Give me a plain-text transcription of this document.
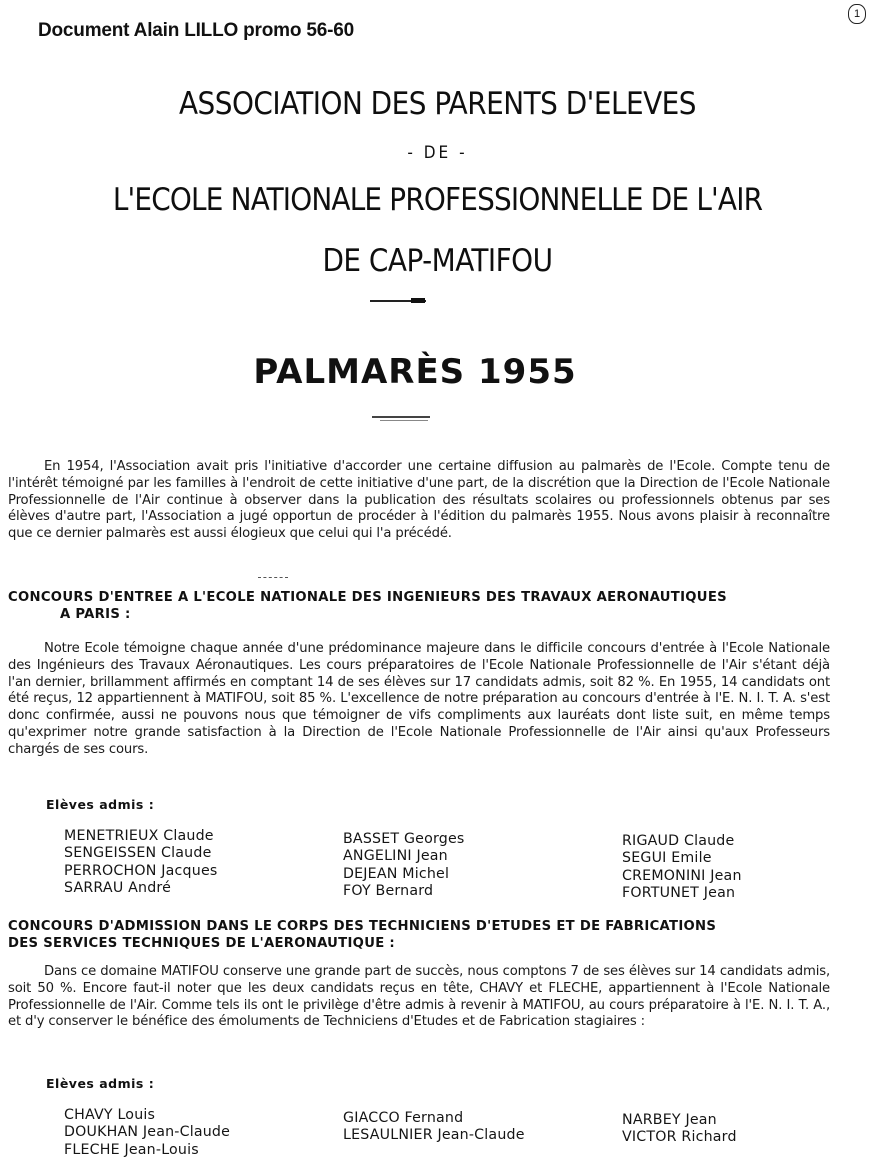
Document Alain LILLO promo 56-60
1
ASSOCIATION DES PARENTS D'ELEVES
- DE -
L'ECOLE NATIONALE PROFESSIONNELLE DE L'AIR
DE CAP-MATIFOU
PALMARÈS 1955
En 1954, l'Association avait pris l'initiative d'accorder une certaine diffusion au palmarès de l'Ecole. Compte tenu de l'intérêt témoigné par les familles à l'endroit de cette initiative d'une part, de la discrétion que la Direction de l'Ecole Nationale Professionnelle de l'Air continue à observer dans la publication des résultats scolaires ou professionnels obtenus par ses élèves d'autre part, l'Association a jugé opportun de procéder à l'édition du palmarès 1955. Nous avons plaisir à reconnaître que ce dernier palmarès est aussi élogieux que celui qui l'a précédé.
CONCOURS D'ENTREE A L'ECOLE NATIONALE DES INGENIEURS DES TRAVAUX AERONAUTIQUES
A PARIS :
Notre Ecole témoigne chaque année d'une prédominance majeure dans le difficile concours d'entrée à l'Ecole Nationale des Ingénieurs des Travaux Aéronautiques. Les cours préparatoires de l'Ecole Nationale Professionnelle de l'Air s'étant déjà l'an dernier, brillamment affirmés en comptant 14 de ses élèves sur 17 candidats admis, soit 82 %. En 1955, 14 candidats ont été reçus, 12 appartiennent à MATIFOU, soit 85 %. L'excellence de notre préparation au concours d'entrée à l'E. N. I. T. A. s'est donc confirmée, aussi ne pouvons nous que témoigner de vifs compliments aux lauréats dont liste suit, en même temps qu'exprimer notre grande satisfaction à la Direction de l'Ecole Nationale Professionnelle de l'Air ainsi qu'aux Professeurs chargés de ses cours.
Elèves admis :
MENETRIEUX Claude
SENGEISSEN Claude
PERROCHON Jacques
SARRAU André
BASSET Georges
ANGELINI Jean
DEJEAN Michel
FOY Bernard
RIGAUD Claude
SEGUI Emile
CREMONINI Jean
FORTUNET Jean
CONCOURS D'ADMISSION DANS LE CORPS DES TECHNICIENS D'ETUDES ET DE FABRICATIONS
DES SERVICES TECHNIQUES DE L'AERONAUTIQUE :
Dans ce domaine MATIFOU conserve une grande part de succès, nous comptons 7 de ses élèves sur 14 candidats admis, soit 50 %. Encore faut-il noter que les deux candidats reçus en tête, CHAVY et FLECHE, appartiennent à l'Ecole Nationale Professionnelle de l'Air. Comme tels ils ont le privilège d'être admis à revenir à MATIFOU, au cours préparatoire à l'E. N. I. T. A., et d'y conserver le bénéfice des émoluments de Techniciens d'Etudes et de Fabrication stagiaires :
Elèves admis :
CHAVY Louis
DOUKHAN Jean-Claude
FLECHE Jean-Louis
GIACCO Fernand
LESAULNIER Jean-Claude
NARBEY Jean
VICTOR Richard
